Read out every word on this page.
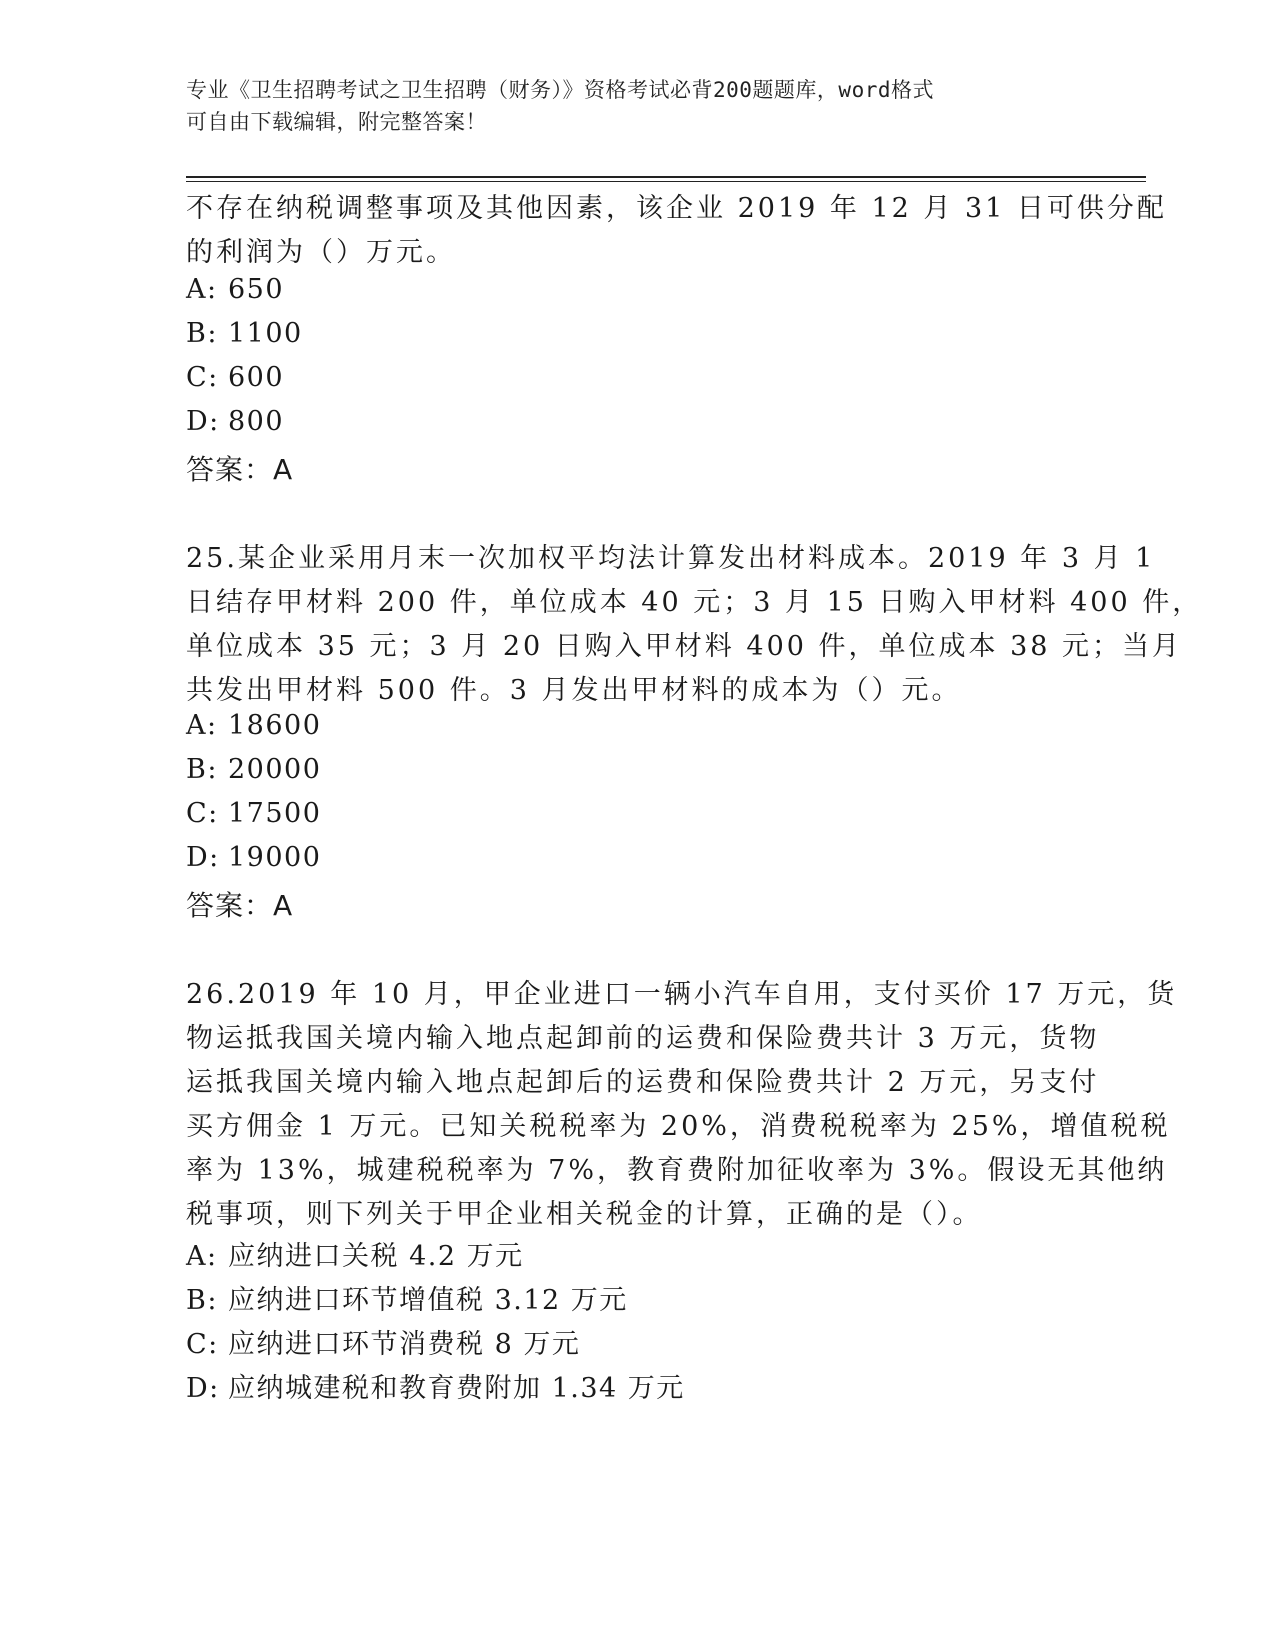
专业《卫生招聘考试之卫生招聘（财务）》资格考试必背200题题库，word格式
可自由下载编辑，附完整答案！
不存在纳税调整事项及其他因素，该企业 2019 年 12 月 31 日可供分配
的利润为（）万元。
A: 650
B: 1100
C: 600
D: 800
答案：A
25.某企业采用月末一次加权平均法计算发出材料成本。2019 年 3 月 1
日结存甲材料 200 件，单位成本 40 元；3 月 15 日购入甲材料 400 件，
单位成本 35 元；3 月 20 日购入甲材料 400 件，单位成本 38 元；当月
共发出甲材料 500 件。3 月发出甲材料的成本为（）元。
A: 18600
B: 20000
C: 17500
D: 19000
答案：A
26.2019 年 10 月，甲企业进口一辆小汽车自用，支付买价 17 万元，货
物运抵我国关境内输入地点起卸前的运费和保险费共计 3 万元，货物
运抵我国关境内输入地点起卸后的运费和保险费共计 2 万元，另支付
买方佣金 1 万元。已知关税税率为 20%，消费税税率为 25%，增值税税
率为 13%，城建税税率为 7%，教育费附加征收率为 3%。假设无其他纳
税事项，则下列关于甲企业相关税金的计算，正确的是（）。
A: 应纳进口关税 4.2 万元
B: 应纳进口环节增值税 3.12 万元
C: 应纳进口环节消费税 8 万元
D: 应纳城建税和教育费附加 1.34 万元
